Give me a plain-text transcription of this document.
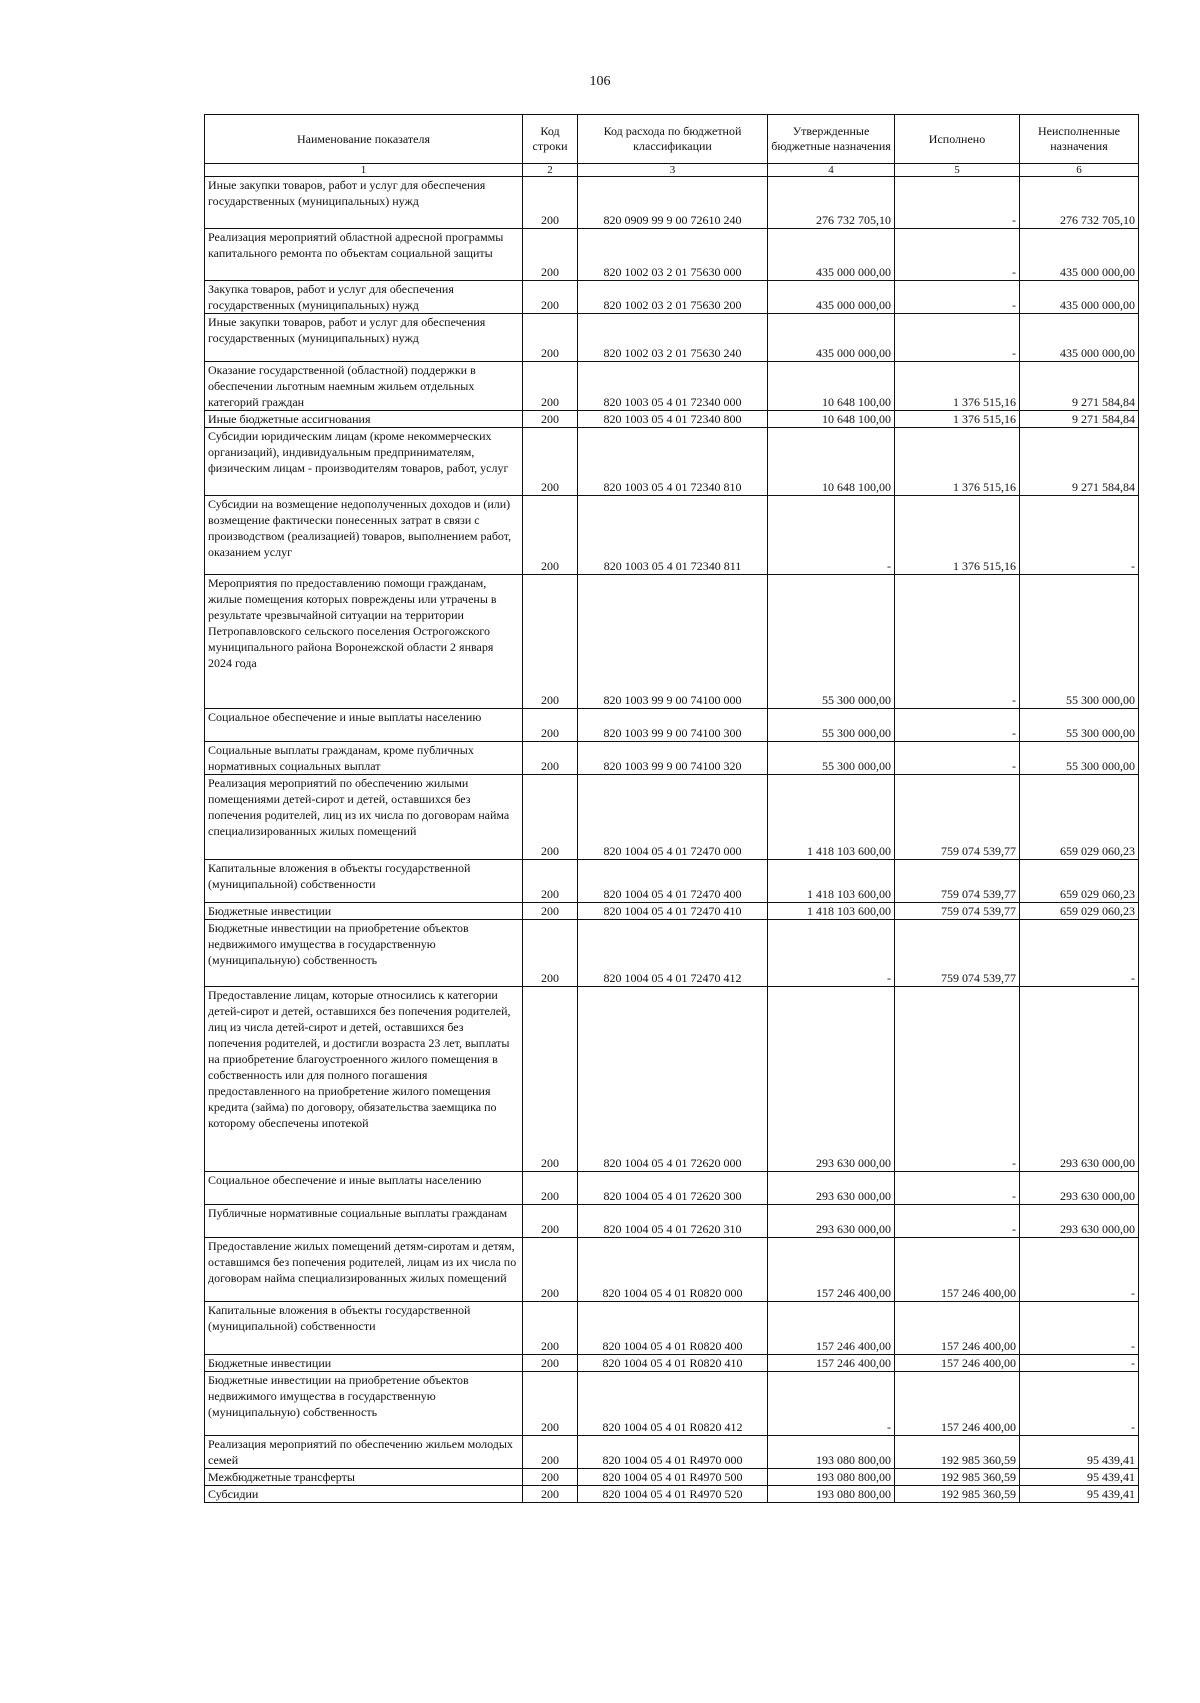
106
Наименование показателя	Код строки	Код расхода по бюджетной классификации	Утвержденные бюджетные назначения	Исполнено	Неисполненные назначения
1	2	3	4	5	6
Иные закупки товаров, работ и услуг для обеспечения государственных (муниципальных) нужд	200	820 0909 99 9 00 72610 240	276 732 705,10	-	276 732 705,10
Реализация мероприятий областной адресной программы капитального ремонта по объектам социальной защиты	200	820 1002 03 2 01 75630 000	435 000 000,00	-	435 000 000,00
Закупка товаров, работ и услуг для обеспечения государственных (муниципальных) нужд	200	820 1002 03 2 01 75630 200	435 000 000,00	-	435 000 000,00
Иные закупки товаров, работ и услуг для обеспечения государственных (муниципальных) нужд	200	820 1002 03 2 01 75630 240	435 000 000,00	-	435 000 000,00
Оказание государственной (областной) поддержки в обеспечении льготным наемным жильем отдельных категорий граждан	200	820 1003 05 4 01 72340 000	10 648 100,00	1 376 515,16	9 271 584,84
Иные бюджетные ассигнования	200	820 1003 05 4 01 72340 800	10 648 100,00	1 376 515,16	9 271 584,84
Субсидии юридическим лицам (кроме некоммерческих организаций), индивидуальным предпринимателям, физическим лицам - производителям товаров, работ, услуг	200	820 1003 05 4 01 72340 810	10 648 100,00	1 376 515,16	9 271 584,84
Субсидии на возмещение недополученных доходов и (или) возмещение фактически понесенных затрат в связи с производством (реализацией) товаров, выполнением работ, оказанием услуг	200	820 1003 05 4 01 72340 811	-	1 376 515,16	-
Мероприятия по предоставлению помощи гражданам, жилые помещения которых повреждены или утрачены в результате чрезвычайной ситуации на территории Петропавловского сельского поселения Острогожского муниципального района Воронежской области 2 января 2024 года	200	820 1003 99 9 00 74100 000	55 300 000,00	-	55 300 000,00
Социальное обеспечение и иные выплаты населению	200	820 1003 99 9 00 74100 300	55 300 000,00	-	55 300 000,00
Социальные выплаты гражданам, кроме публичных нормативных социальных выплат	200	820 1003 99 9 00 74100 320	55 300 000,00	-	55 300 000,00
Реализация мероприятий по обеспечению жилыми помещениями детей-сирот и детей, оставшихся без попечения родителей, лиц из их числа по договорам найма специализированных жилых помещений	200	820 1004 05 4 01 72470 000	1 418 103 600,00	759 074 539,77	659 029 060,23
Капитальные вложения в объекты государственной (муниципальной) собственности	200	820 1004 05 4 01 72470 400	1 418 103 600,00	759 074 539,77	659 029 060,23
Бюджетные инвестиции	200	820 1004 05 4 01 72470 410	1 418 103 600,00	759 074 539,77	659 029 060,23
Бюджетные инвестиции на приобретение объектов недвижимого имущества в государственную (муниципальную) собственность	200	820 1004 05 4 01 72470 412	-	759 074 539,77	-
Предоставление лицам, которые относились к категории детей-сирот и детей, оставшихся без попечения родителей, лиц из числа детей-сирот и детей, оставшихся без попечения родителей, и достигли возраста 23 лет, выплаты на приобретение благоустроенного жилого помещения в собственность или для полного погашения предоставленного на приобретение жилого помещения кредита (займа) по договору, обязательства заемщика по которому обеспечены ипотекой	200	820 1004 05 4 01 72620 000	293 630 000,00	-	293 630 000,00
Социальное обеспечение и иные выплаты населению	200	820 1004 05 4 01 72620 300	293 630 000,00	-	293 630 000,00
Публичные нормативные социальные выплаты гражданам	200	820 1004 05 4 01 72620 310	293 630 000,00	-	293 630 000,00
Предоставление жилых помещений детям-сиротам и детям, оставшимся без попечения родителей, лицам из их числа по договорам найма специализированных жилых помещений	200	820 1004 05 4 01 R0820 000	157 246 400,00	157 246 400,00	-
Капитальные вложения в объекты государственной (муниципальной) собственности	200	820 1004 05 4 01 R0820 400	157 246 400,00	157 246 400,00	-
Бюджетные инвестиции	200	820 1004 05 4 01 R0820 410	157 246 400,00	157 246 400,00	-
Бюджетные инвестиции на приобретение объектов недвижимого имущества в государственную (муниципальную) собственность	200	820 1004 05 4 01 R0820 412	-	157 246 400,00	-
Реализация мероприятий по обеспечению жильем молодых семей	200	820 1004 05 4 01 R4970 000	193 080 800,00	192 985 360,59	95 439,41
Межбюджетные трансферты	200	820 1004 05 4 01 R4970 500	193 080 800,00	192 985 360,59	95 439,41
Субсидии	200	820 1004 05 4 01 R4970 520	193 080 800,00	192 985 360,59	95 439,41
